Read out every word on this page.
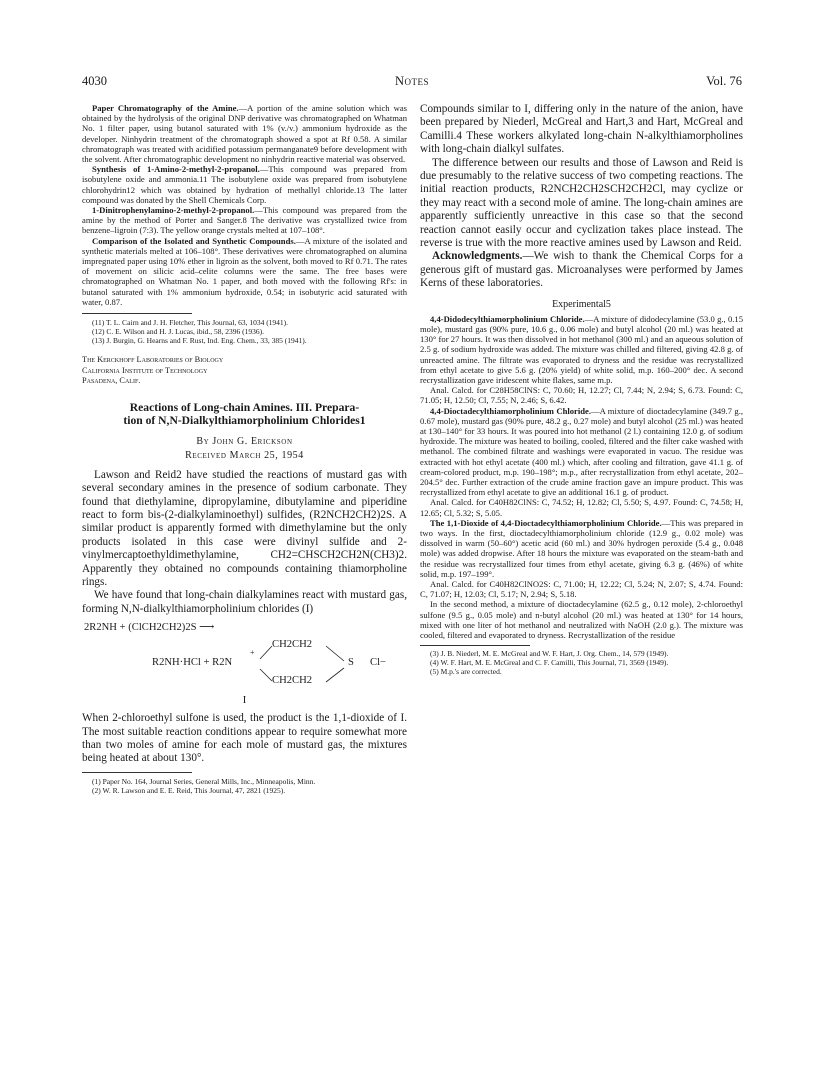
4030	Notes	Vol. 76

Paper Chromatography of the Amine.—A portion of the amine solution which was obtained by the hydrolysis of the original DNP derivative was chromatographed on Whatman No. 1 filter paper, using butanol saturated with 1% (v./v.) ammonium hydroxide as the developer. Ninhydrin treatment of the chromatograph showed a spot at Rf 0.58. A similar chromatograph was treated with acidified potassium permanganate9 before development with the solvent. After chromatographic development no ninhydrin reactive material was observed.

Synthesis of 1-Amino-2-methyl-2-propanol.—This compound was prepared from isobutylene oxide and ammonia.11 The isobutylene oxide was prepared from isobutylene chlorohydrin12 which was obtained by hydration of methallyl chloride.13 The latter compound was donated by the Shell Chemicals Corp.

1-Dinitrophenylamino-2-methyl-2-propanol.—This compound was prepared from the amine by the method of Porter and Sanger.8 The derivative was crystallized twice from benzene–ligroin (7:3). The yellow orange crystals melted at 107–108°.

Comparison of the Isolated and Synthetic Compounds.—A mixture of the isolated and synthetic materials melted at 106–108°. These derivatives were chromatographed on alumina impregnated paper using 10% ether in ligroin as the solvent, both moved to Rf 0.71. The rates of movement on silicic acid–celite columns were the same. The free bases were chromatographed on Whatman No. 1 paper, and both moved with the following Rf's: in butanol saturated with 1% ammonium hydroxide, 0.54; in isobutyric acid saturated with water, 0.87.

(11) T. L. Cairn and J. H. Fletcher, This Journal, 63, 1034 (1941).

(12) C. E. Wilson and H. J. Lucas, ibid., 58, 2396 (1936).

(13) J. Burgin, G. Hearns and F. Rust, Ind. Eng. Chem., 33, 385 (1941).

The Kerckhoff Laboratories of Biology
California Institute of Technology
Pasadena, Calif.
Reactions of Long-chain Amines. III. Prepara-
tion of N,N-Dialkylthiamorpholinium Chlorides1
By John G. Erickson
Received March 25, 1954

Lawson and Reid2 have studied the reactions of mustard gas with several secondary amines in the presence of sodium carbonate. They found that diethylamine, dipropylamine, dibutylamine and piperidine react to form bis-(2-dialkylaminoethyl) sulfides, (R2NCH2CH2)2S. A similar product is apparently formed with dimethylamine but the only products isolated in this case were divinyl sulfide and 2-vinylmercaptoethyldimethylamine, CH2=CHSCH2CH2N(CH3)2. Apparently they obtained no compounds containing thiamorpholine rings.

We have found that long-chain dialkylamines react with mustard gas, forming N,N-dialkylthiamorpholinium chlorides (I)

2R2NH + (ClCH2CH2)2S ⟶
R2NH·HCl + R2N
+
CH2CH2
CH2CH2
S Cl−
I

When 2-chloroethyl sulfone is used, the product is the 1,1-dioxide of I. The most suitable reaction conditions appear to require somewhat more than two moles of amine for each mole of mustard gas, the mixtures being heated at about 130°.

(1) Paper No. 164, Journal Series, General Mills, Inc., Minneapolis, Minn.

(2) W. R. Lawson and E. E. Reid, This Journal, 47, 2821 (1925).

Compounds similar to I, differing only in the nature of the anion, have been prepared by Niederl, McGreal and Hart,3 and Hart, McGreal and Camilli.4 These workers alkylated long-chain N-alkylthiamorpholines with long-chain dialkyl sulfates.

The difference between our results and those of Lawson and Reid is due presumably to the relative success of two competing reactions. The initial reaction products, R2NCH2CH2SCH2CH2Cl, may cyclize or they may react with a second mole of amine. The long-chain amines are apparently sufficiently unreactive in this case so that the second reaction cannot easily occur and cyclization takes place instead. The reverse is true with the more reactive amines used by Lawson and Reid.

Acknowledgments.—We wish to thank the Chemical Corps for a generous gift of mustard gas. Microanalyses were performed by James Kerns of these laboratories.

Experimental5

4,4-Didodecylthiamorpholinium Chloride.—A mixture of didodecylamine (53.0 g., 0.15 mole), mustard gas (90% pure, 10.6 g., 0.06 mole) and butyl alcohol (20 ml.) was heated at 130° for 27 hours. It was then dissolved in hot methanol (300 ml.) and an aqueous solution of 2.5 g. of sodium hydroxide was added. The mixture was chilled and filtered, giving 42.8 g. of unreacted amine. The filtrate was evaporated to dryness and the residue was recrystallized from ethyl acetate to give 5.6 g. (20% yield) of white solid, m.p. 160–200° dec. A second recrystallization gave iridescent white flakes, same m.p.

Anal. Calcd. for C28H58ClNS: C, 70.60; H, 12.27; Cl, 7.44; N, 2.94; S, 6.73. Found: C, 71.05; H, 12.50; Cl, 7.55; N, 2.46; S, 6.42.

4,4-Dioctadecylthiamorpholinium Chloride.—A mixture of dioctadecylamine (349.7 g., 0.67 mole), mustard gas (90% pure, 48.2 g., 0.27 mole) and butyl alcohol (25 ml.) was heated at 130–140° for 33 hours. It was poured into hot methanol (2 l.) containing 12.0 g. of sodium hydroxide. The mixture was heated to boiling, cooled, filtered and the filter cake washed with methanol. The combined filtrate and washings were evaporated in vacuo. The residue was extracted with hot ethyl acetate (400 ml.) which, after cooling and filtration, gave 41.1 g. of cream-colored product, m.p. 190–198°; m.p., after recrystallization from ethyl acetate, 202–204.5° dec. Further extraction of the crude amine fraction gave an impure product. This was recrystallized from ethyl acetate to give an additional 16.1 g. of product.

Anal. Calcd. for C40H82ClNS: C, 74.52; H, 12.82; Cl, 5.50; S, 4.97. Found: C, 74.58; H, 12.65; Cl, 5.32; S, 5.05.

The 1,1-Dioxide of 4,4-Dioctadecylthiamorpholinium Chloride.—This was prepared in two ways. In the first, dioctadecylthiamorpholinium chloride (12.9 g., 0.02 mole) was dissolved in warm (50–60°) acetic acid (60 ml.) and 30% hydrogen peroxide (5.4 g., 0.048 mole) was added dropwise. After 18 hours the mixture was evaporated on the steam-bath and the residue was recrystallized four times from ethyl acetate, giving 6.3 g. (46%) of white solid, m.p. 197–199°.

Anal. Calcd. for C40H82ClNO2S: C, 71.00; H, 12.22; Cl, 5.24; N, 2.07; S, 4.74. Found: C, 71.07; H, 12.03; Cl, 5.17; N, 2.94; S, 5.18.

In the second method, a mixture of dioctadecylamine (62.5 g., 0.12 mole), 2-chloroethyl sulfone (9.5 g., 0.05 mole) and n-butyl alcohol (20 ml.) was heated at 130° for 14 hours, mixed with one liter of hot methanol and neutralized with NaOH (2.0 g.). The mixture was cooled, filtered and evaporated to dryness. Recrystallization of the residue

(3) J. B. Niederl, M. E. McGreal and W. F. Hart, J. Org. Chem., 14, 579 (1949).

(4) W. F. Hart, M. E. McGreal and C. F. Camilli, This Journal, 71, 3569 (1949).

(5) M.p.'s are corrected.
